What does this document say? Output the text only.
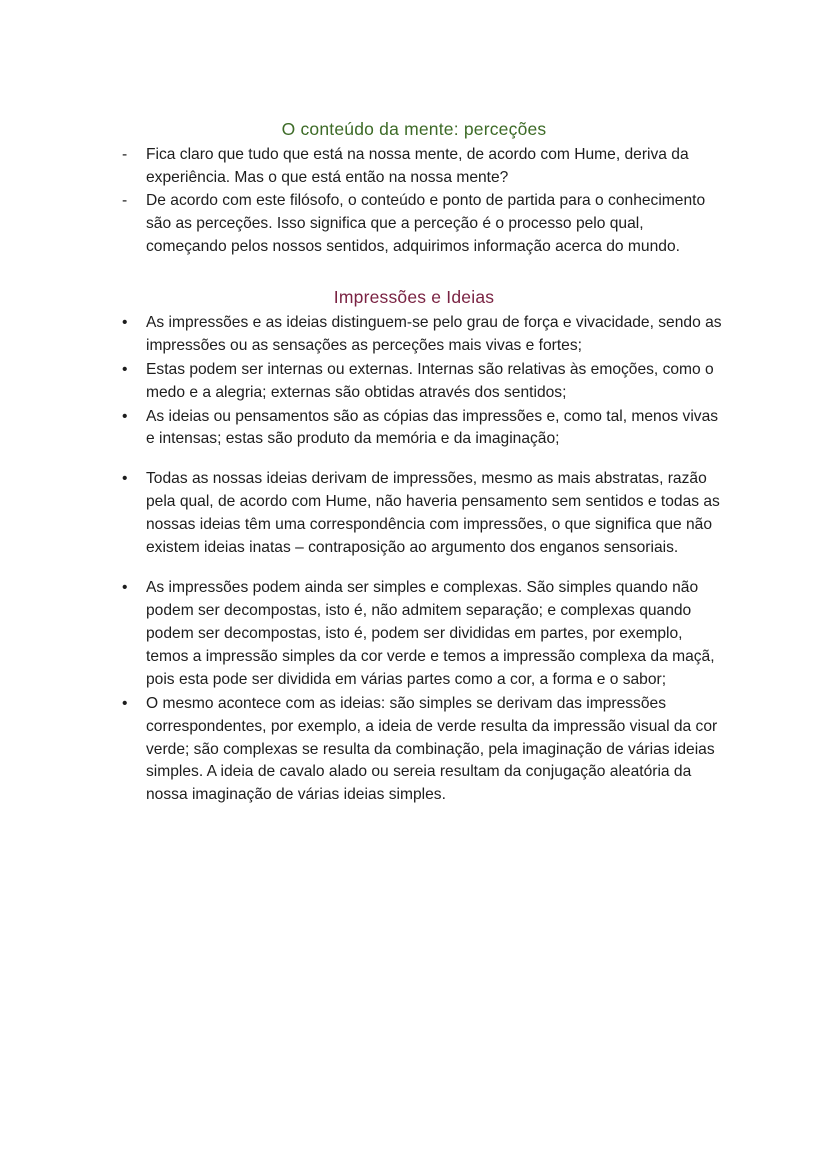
O conteúdo da mente: perceções
- Fica claro que tudo que está na nossa mente, de acordo com Hume, deriva da experiência. Mas o que está então na nossa mente?
- De acordo com este filósofo, o conteúdo e ponto de partida para o conhecimento são as perceções. Isso significa que a perceção é o processo pelo qual, começando pelos nossos sentidos, adquirimos informação acerca do mundo.
Impressões e Ideias
• As impressões e as ideias distinguem-se pelo grau de força e vivacidade, sendo as impressões ou as sensações as perceções mais vivas e fortes;
• Estas podem ser internas ou externas. Internas são relativas às emoções, como o medo e a alegria; externas são obtidas através dos sentidos;
• As ideias ou pensamentos são as cópias das impressões e, como tal, menos vivas e intensas; estas são produto da memória e da imaginação;
• Todas as nossas ideias derivam de impressões, mesmo as mais abstratas, razão pela qual, de acordo com Hume, não haveria pensamento sem sentidos e todas as nossas ideias têm uma correspondência com impressões, o que significa que não existem ideias inatas – contraposição ao argumento dos enganos sensoriais.
• As impressões podem ainda ser simples e complexas. São simples quando não podem ser decompostas, isto é, não admitem separação; e complexas quando podem ser decompostas, isto é, podem ser divididas em partes, por exemplo, temos a impressão simples da cor verde e temos a impressão complexa da maçã, pois esta pode ser dividida em várias partes como a cor, a forma e o sabor;
• O mesmo acontece com as ideias: são simples se derivam das impressões correspondentes, por exemplo, a ideia de verde resulta da impressão visual da cor verde; são complexas se resulta da combinação, pela imaginação de várias ideias simples. A ideia de cavalo alado ou sereia resultam da conjugação aleatória da nossa imaginação de várias ideias simples.
